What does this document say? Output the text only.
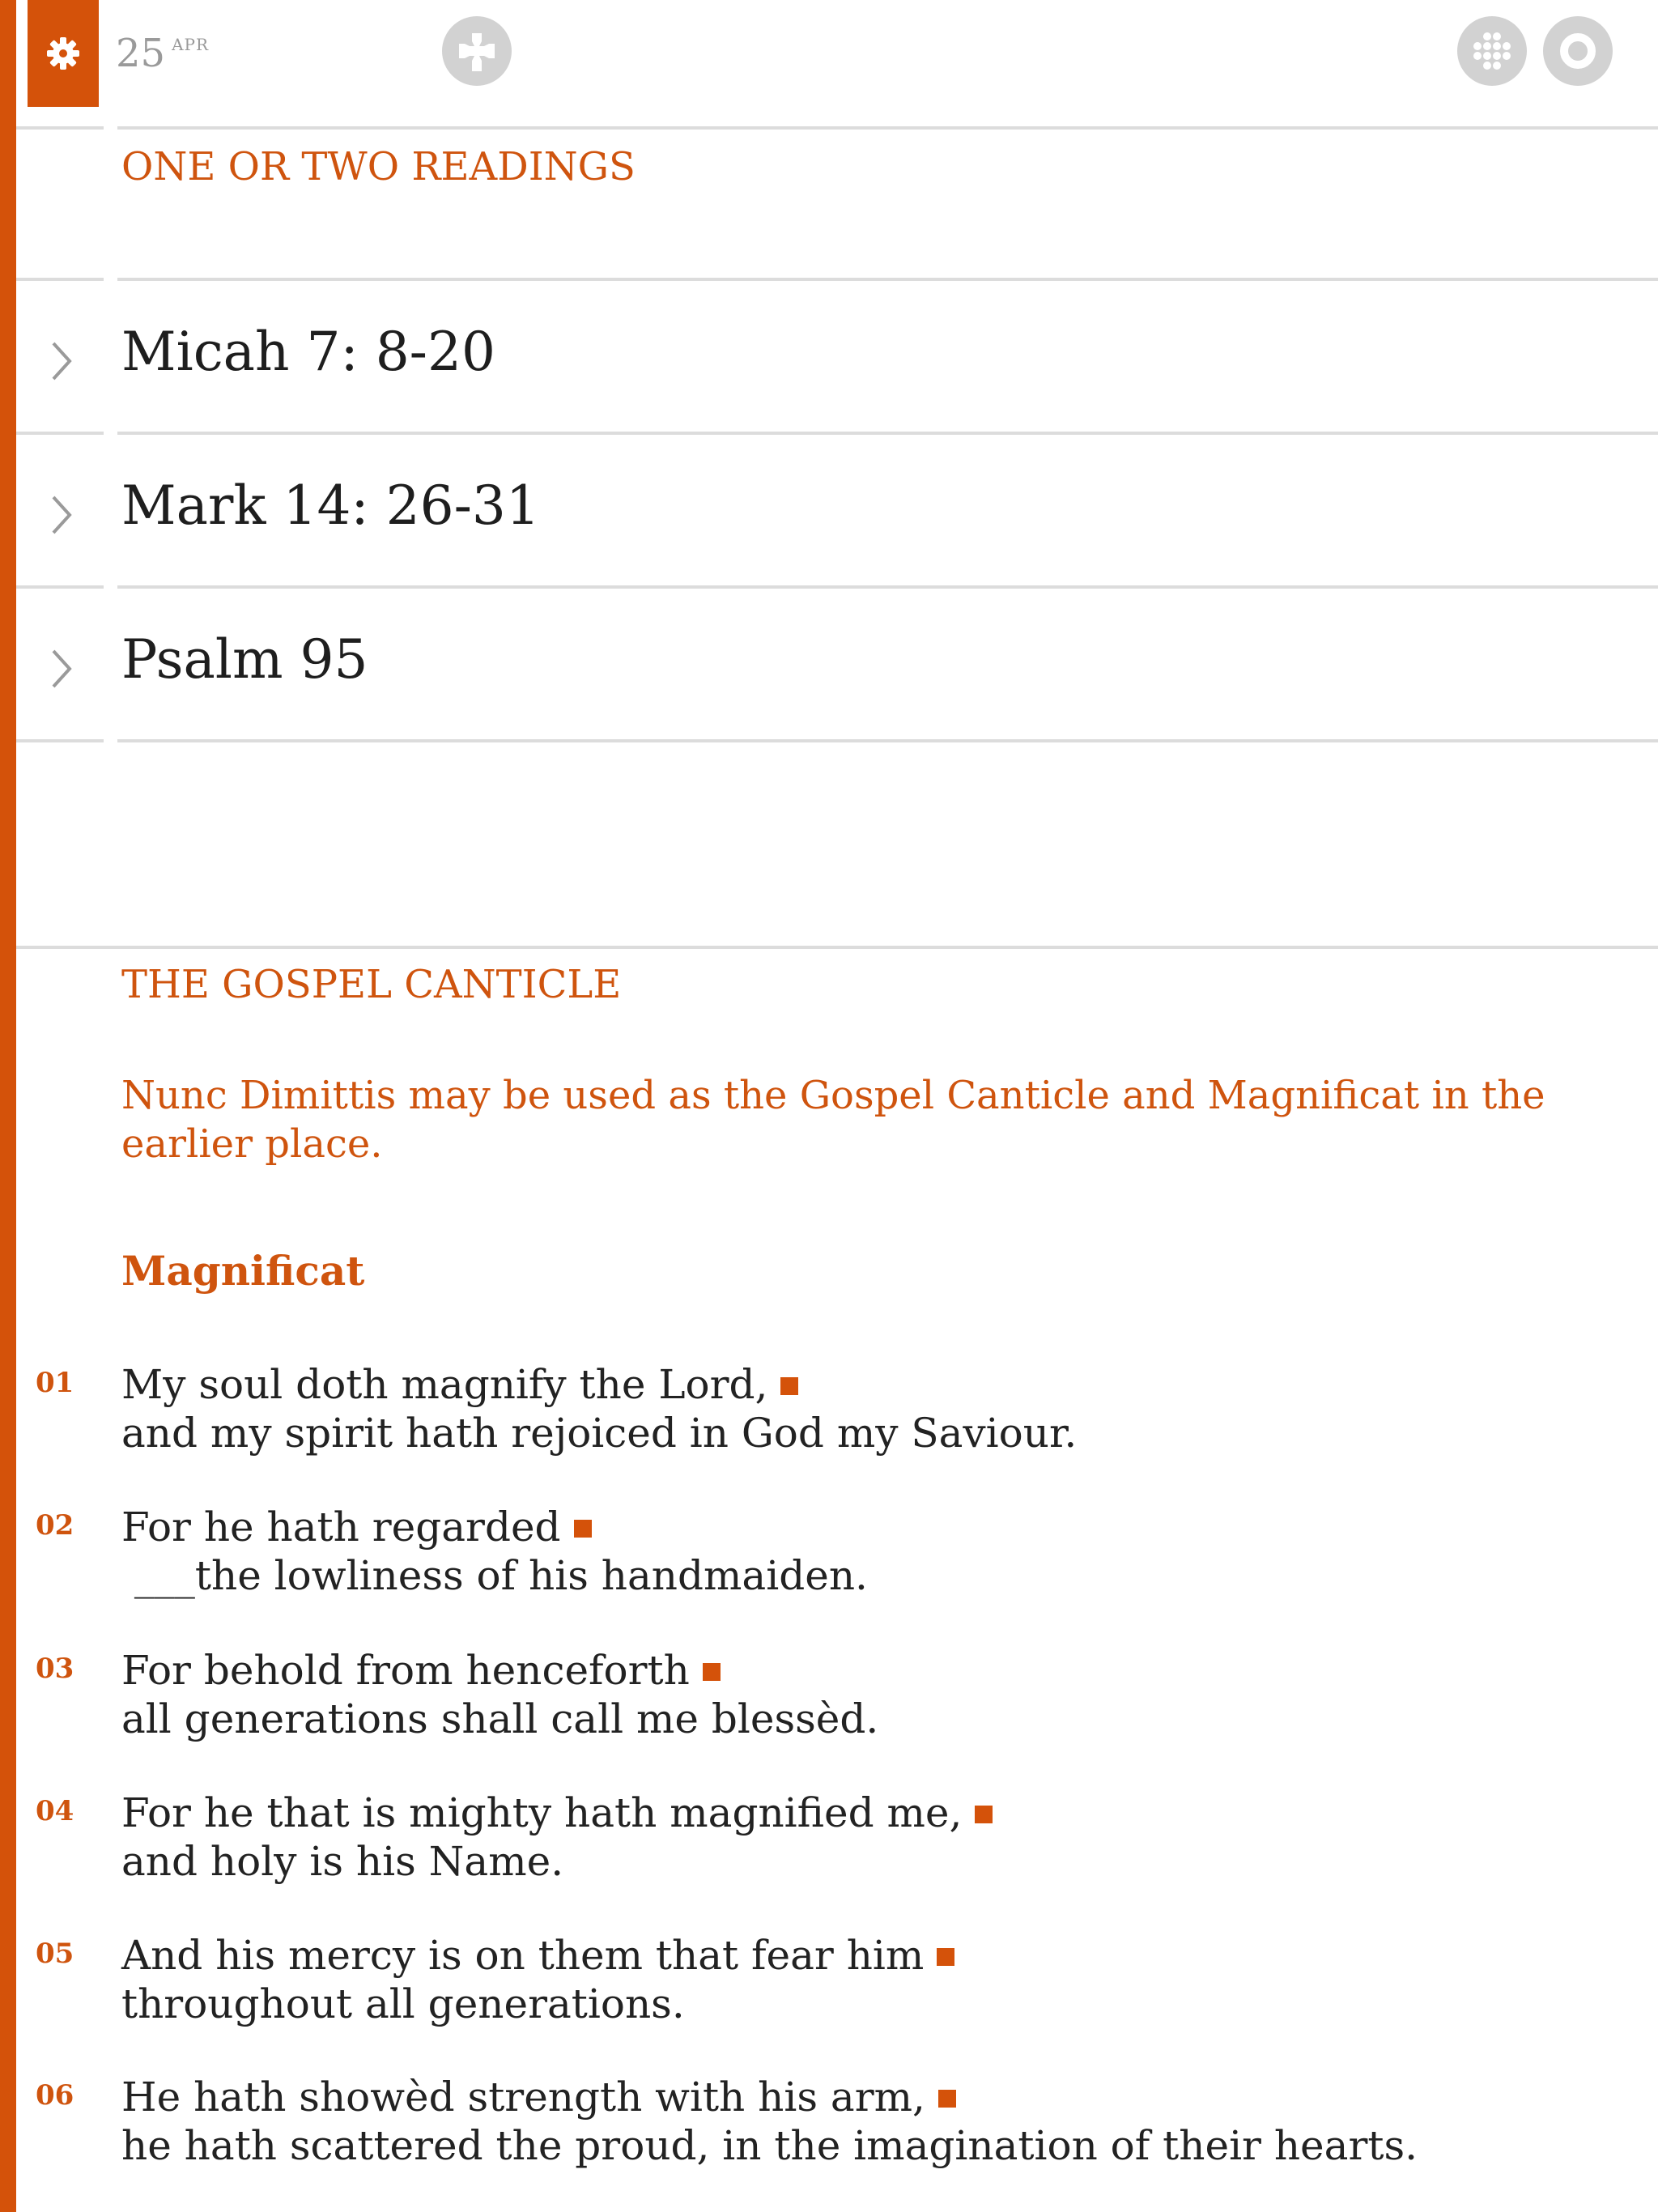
25 APR
ONE OR TWO READINGS
Micah 7: 8-20
Mark 14: 26-31
Psalm 95
THE GOSPEL CANTICLE
Nunc Dimittis may be used as the Gospel Canticle and Magnificat in the earlier place.
Magnificat
01 My soul doth magnify the Lord,
and my spirit hath rejoiced in God my Saviour.
02 For he hath regarded
___the lowliness of his handmaiden.
03 For behold from henceforth
all generations shall call me blessèd.
04 For he that is mighty hath magnified me,
and holy is his Name.
05 And his mercy is on them that fear him
throughout all generations.
06 He hath showèd strength with his arm,
he hath scattered the proud, in the imagination of their hearts.
